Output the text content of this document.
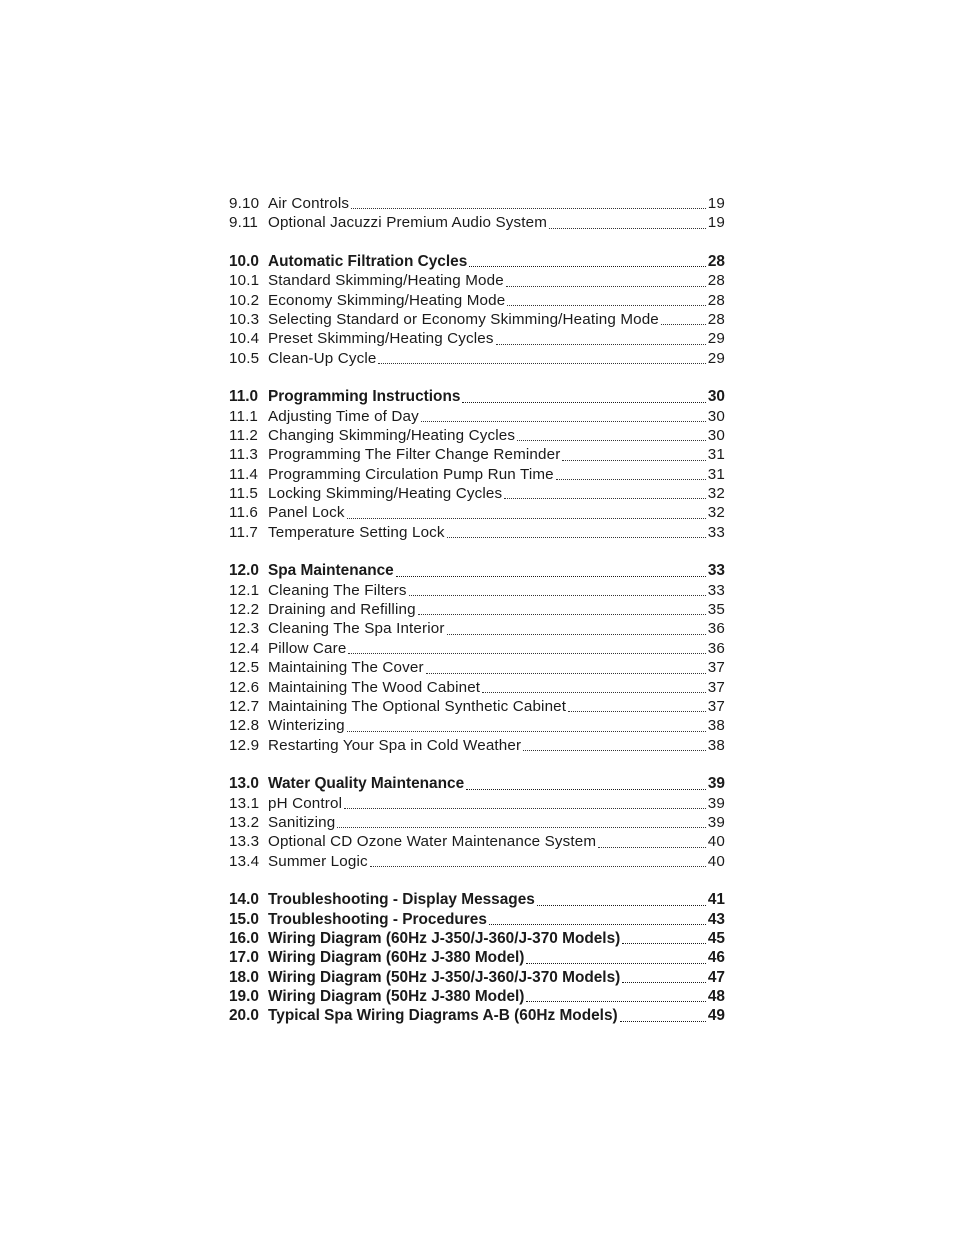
9.10 Air Controls	19
9.11 Optional Jacuzzi Premium Audio System	19
10.0 Automatic Filtration Cycles	28
10.1 Standard Skimming/Heating Mode	28
10.2 Economy Skimming/Heating Mode	28
10.3 Selecting Standard or Economy Skimming/Heating Mode	28
10.4 Preset Skimming/Heating Cycles	29
10.5 Clean-Up Cycle	29
11.0 Programming Instructions	30
11.1 Adjusting Time of Day	30
11.2 Changing Skimming/Heating Cycles	30
11.3 Programming The Filter Change Reminder	31
11.4 Programming Circulation Pump Run Time	31
11.5 Locking Skimming/Heating Cycles	32
11.6 Panel Lock	32
11.7 Temperature Setting Lock	33
12.0 Spa Maintenance	33
12.1 Cleaning The Filters	33
12.2 Draining and Refilling	35
12.3 Cleaning The Spa Interior	36
12.4 Pillow Care	36
12.5 Maintaining The Cover	37
12.6 Maintaining The Wood Cabinet	37
12.7 Maintaining The Optional Synthetic Cabinet	37
12.8 Winterizing	38
12.9 Restarting Your Spa in Cold Weather	38
13.0 Water Quality Maintenance	39
13.1 pH Control	39
13.2 Sanitizing	39
13.3 Optional CD Ozone Water Maintenance System	40
13.4 Summer Logic	40
14.0 Troubleshooting - Display Messages	41
15.0 Troubleshooting - Procedures	43
16.0 Wiring Diagram (60Hz J-350/J-360/J-370 Models)	45
17.0 Wiring Diagram (60Hz J-380 Model)	46
18.0 Wiring Diagram (50Hz J-350/J-360/J-370 Models)	47
19.0 Wiring Diagram (50Hz J-380 Model)	48
20.0 Typical Spa Wiring Diagrams A-B (60Hz Models)	49
